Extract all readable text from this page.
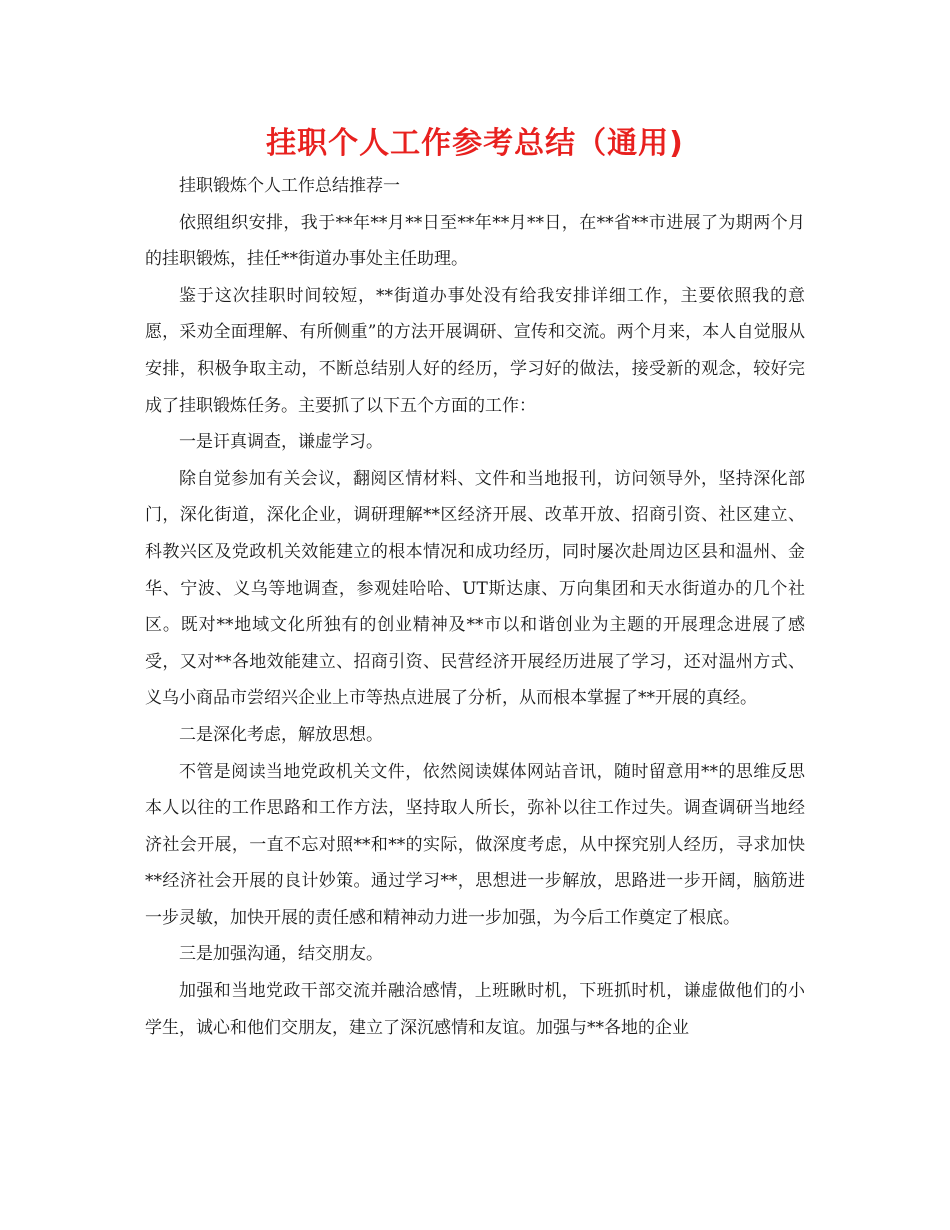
挂职个人工作参考总结（通用)

挂职锻炼个人工作总结推荐一

依照组织安排，我于**年**月**日至**年**月**日，在**省**市进展了为期两个月的挂职锻炼，挂任**街道办事处主任助理。

鉴于这次挂职时间较短，**街道办事处没有给我安排详细工作，主要依照我的意愿，采劝全面理解、有所侧重”的方法开展调研、宣传和交流。两个月来，本人自觉服从安排，积极争取主动，不断总结别人好的经历，学习好的做法，接受新的观念，较好完成了挂职锻炼任务。主要抓了以下五个方面的工作：

一是讦真调查，谦虚学习。

除自觉参加有关会议，翻阅区情材料、文件和当地报刊，访问领导外，坚持深化部门，深化街道，深化企业，调研理解**区经济开展、改革开放、招商引资、社区建立、科教兴区及党政机关效能建立的根本情况和成功经历，同时屡次赴周边区县和温州、金华、宁波、义乌等地调查，参观娃哈哈、UT斯达康、万向集团和天水街道办的几个社区。既对**地域文化所独有的创业精神及**市以和谐创业为主题的开展理念进展了感受，又对**各地效能建立、招商引资、民营经济开展经历进展了学习，还对温州方式、义乌小商品市尝绍兴企业上市等热点进展了分析，从而根本掌握了**开展的真经。

二是深化考虑，解放思想。

不管是阅读当地党政机关文件，依然阅读媒体网站音讯，随时留意用**的思维反思本人以往的工作思路和工作方法，坚持取人所长，弥补以往工作过失。调查调研当地经济社会开展，一直不忘对照**和**的实际，做深度考虑，从中探究别人经历，寻求加快**经济社会开展的良计妙策。通过学习**，思想进一步解放，思路进一步开阔，脑筋进一步灵敏，加快开展的责任感和精神动力进一步加强，为今后工作奠定了根底。

三是加强沟通，结交朋友。

加强和当地党政干部交流并融洽感情，上班瞅时机，下班抓时机，谦虚做他们的小学生，诚心和他们交朋友，建立了深沉感情和友谊。加强与**各地的企业
